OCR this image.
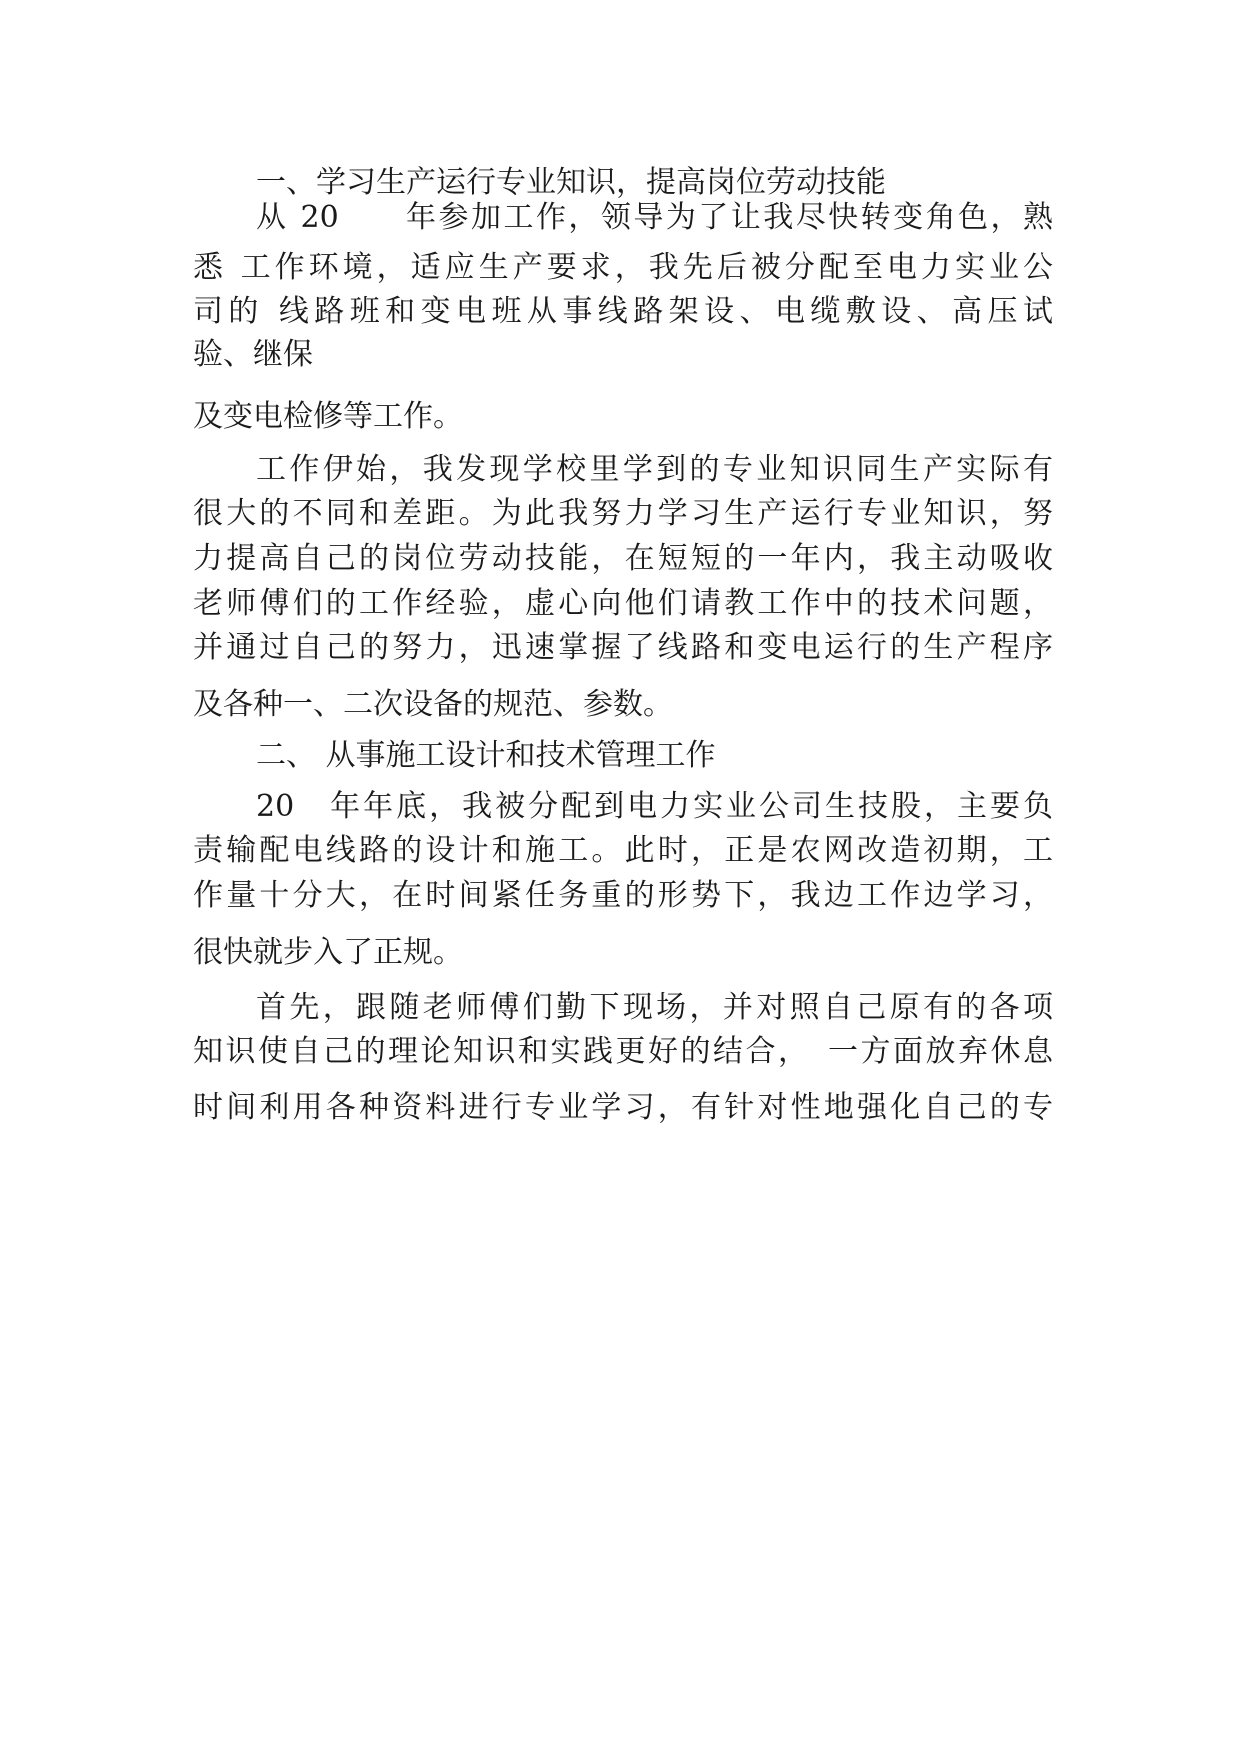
一、学习生产运行专业知识，提高岗位劳动技能
从 20　　年参加工作，领导为了让我尽快转变角色，熟
悉 工作环境，适应生产要求，我先后被分配至电力实业公
司的 线路班和变电班从事线路架设、电缆敷设、高压试
验、继保
及变电检修等工作。
工作伊始，我发现学校里学到的专业知识同生产实际有
很大的不同和差距。为此我努力学习生产运行专业知识，努
力提高自己的岗位劳动技能，在短短的一年内，我主动吸收
老师傅们的工作经验，虚心向他们请教工作中的技术问题，
并通过自己的努力，迅速掌握了线路和变电运行的生产程序
及各种一、二次设备的规范、参数。
二、 从事施工设计和技术管理工作
20　年年底，我被分配到电力实业公司生技股，主要负
责输配电线路的设计和施工。此时，正是农网改造初期，工
作量十分大，在时间紧任务重的形势下，我边工作边学习，
很快就步入了正规。
首先，跟随老师傅们勤下现场，并对照自己原有的各项
知识使自己的理论知识和实践更好的结合，　一方面放弃休息
时间利用各种资料进行专业学习，有针对性地强化自己的专
